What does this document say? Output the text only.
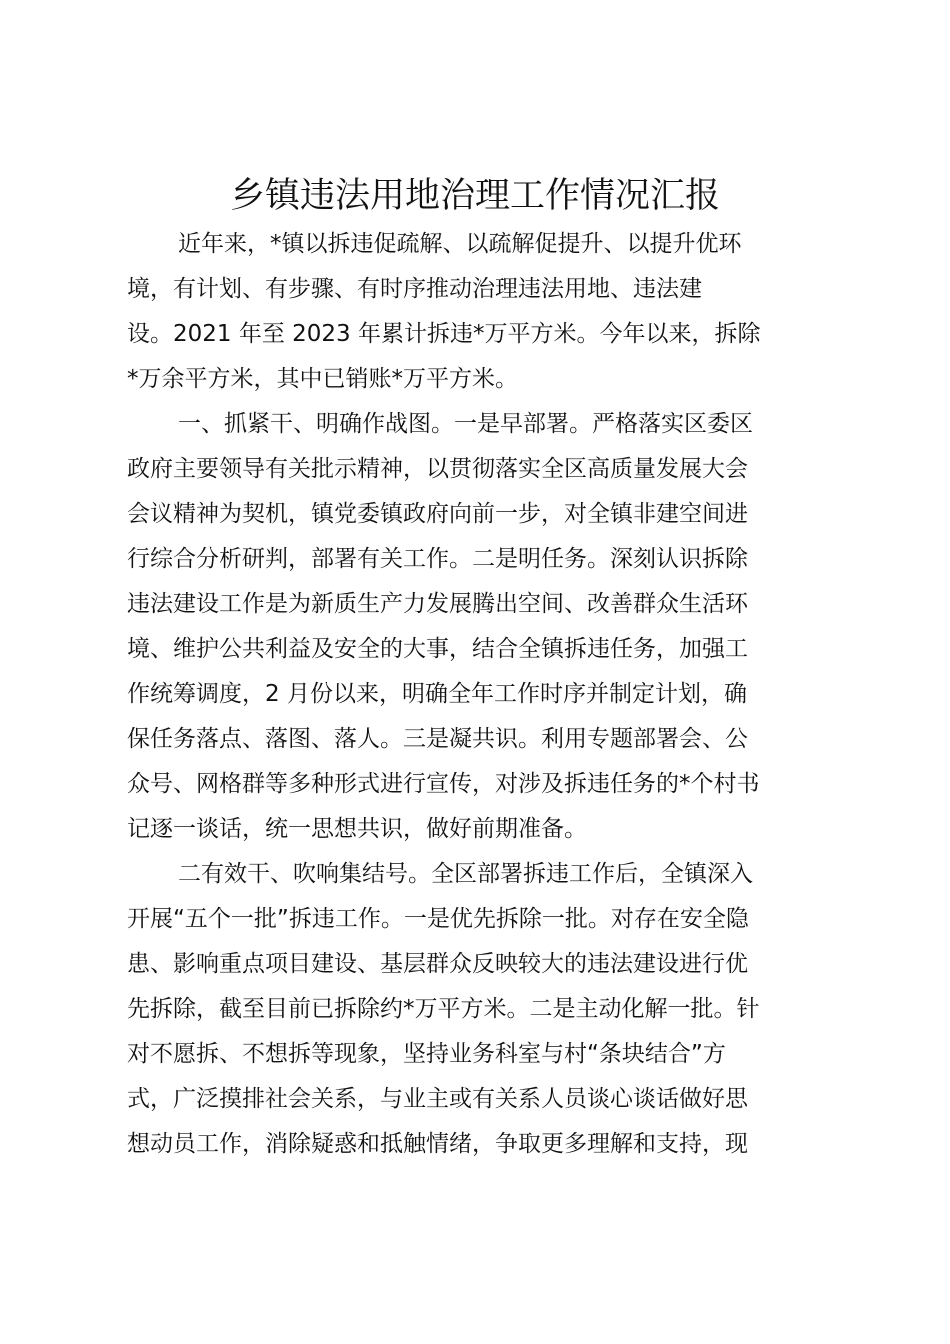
乡镇违法用地治理工作情况汇报
近年来，*镇以拆违促疏解、以疏解促提升、以提升优环
境，有计划、有步骤、有时序推动治理违法用地、违法建
设。2021 年至 2023 年累计拆违*万平方米。今年以来，拆除
*万余平方米，其中已销账*万平方米。
一、抓紧干、明确作战图。一是早部署。严格落实区委区
政府主要领导有关批示精神，以贯彻落实全区高质量发展大会
会议精神为契机，镇党委镇政府向前一步，对全镇非建空间进
行综合分析研判，部署有关工作。二是明任务。深刻认识拆除
违法建设工作是为新质生产力发展腾出空间、改善群众生活环
境、维护公共利益及安全的大事，结合全镇拆违任务，加强工
作统筹调度，2 月份以来，明确全年工作时序并制定计划，确
保任务落点、落图、落人。三是凝共识。利用专题部署会、公
众号、网格群等多种形式进行宣传，对涉及拆违任务的*个村书
记逐一谈话，统一思想共识，做好前期准备。
二有效干、吹响集结号。全区部署拆违工作后，全镇深入
开展“五个一批”拆违工作。一是优先拆除一批。对存在安全隐
患、影响重点项目建设、基层群众反映较大的违法建设进行优
先拆除，截至目前已拆除约*万平方米。二是主动化解一批。针
对不愿拆、不想拆等现象，坚持业务科室与村“条块结合”方
式，广泛摸排社会关系，与业主或有关系人员谈心谈话做好思
想动员工作，消除疑惑和抵触情绪，争取更多理解和支持，现
